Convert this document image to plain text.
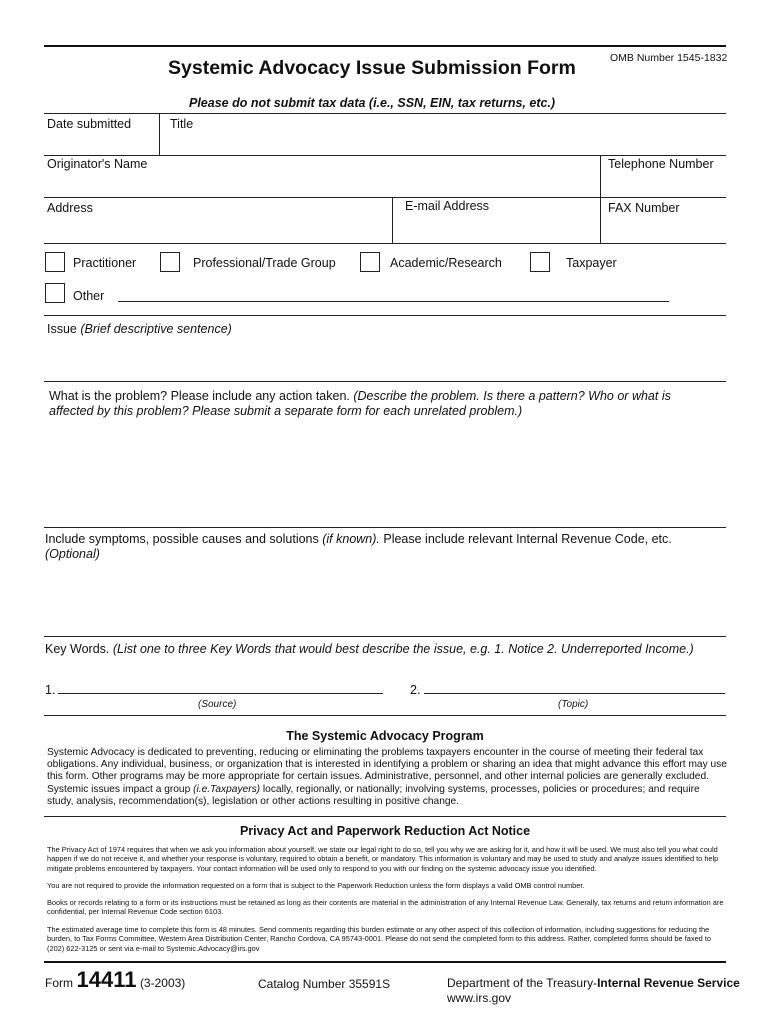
Systemic Advocacy Issue Submission Form	OMB Number 1545-1832
Please do not submit tax data (i.e., SSN, EIN, tax returns, etc.)
Date submitted	Title
Originator's Name	Telephone Number
Address	E-mail Address	FAX Number
Practitioner	Professional/Trade Group	Academic/Research	Taxpayer
Other
Issue (Brief descriptive sentence)
What is the problem? Please include any action taken. (Describe the problem. Is there a pattern? Who or what is
affected by this problem? Please submit a separate form for each unrelated problem.)
Include symptoms, possible causes and solutions (if known). Please include relevant Internal Revenue Code, etc.
(Optional)
Key Words. (List one to three Key Words that would best describe the issue, e.g. 1. Notice 2. Underreported Income.)
1.
(Source)
2.
(Topic)
The Systemic Advocacy Program
Systemic Advocacy is dedicated to preventing, reducing or eliminating the problems taxpayers encounter in the course of meeting their federal tax obligations. Any individual, business, or organization that is interested in identifying a problem or sharing an idea that might advance this effort may use this form. Other programs may be more appropriate for certain issues. Administrative, personnel, and other internal policies are generally excluded.
Systemic issues impact a group (i.e.Taxpayers) locally, regionally, or nationally; involving systems, processes, policies or procedures; and require study, analysis, recommendation(s), legislation or other actions resulting in positive change.
Privacy Act and Paperwork Reduction Act Notice
The Privacy Act of 1974 requires that when we ask you information about yourself, we state our legal right to do so, tell you why we are asking for it, and how it will be used. We must also tell you what could happen if we do not receive it, and whether your response is voluntary, required to obtain a benefit, or mandatory. This information is voluntary and may be used to study and analyze issues identified to help mitigate problems encountered by taxpayers. Your contact information will be used only to respond to you with our finding on the systemic advocacy issue you identified.
You are not required to provide the information requested on a form that is subject to the Paperwork Reduction unless the form displays a valid OMB control number.
Books or records relating to a form or its instructions must be retained as long as their contents are material in the administration of any Internal Revenue Law. Generally, tax returns and return information are confidential, per Internal Revenue Code section 6103.
The estimated average time to complete this form is 48 minutes. Send comments regarding this burden estimate or any other aspect of this collection of information, including suggestions for reducing the burden, to Tax Forms Committee, Western Area Distribution Center, Rancho Cordova, CA 95743-0001. Please do not send the completed form to this address. Rather, completed forms should be faxed to (202) 622-3125 or sent via e-mail to Systemic.Advocacy@irs.gov
Form 14411 (3-2003)	Catalog Number 35591S	Department of the Treasury-Internal Revenue Service
www.irs.gov
